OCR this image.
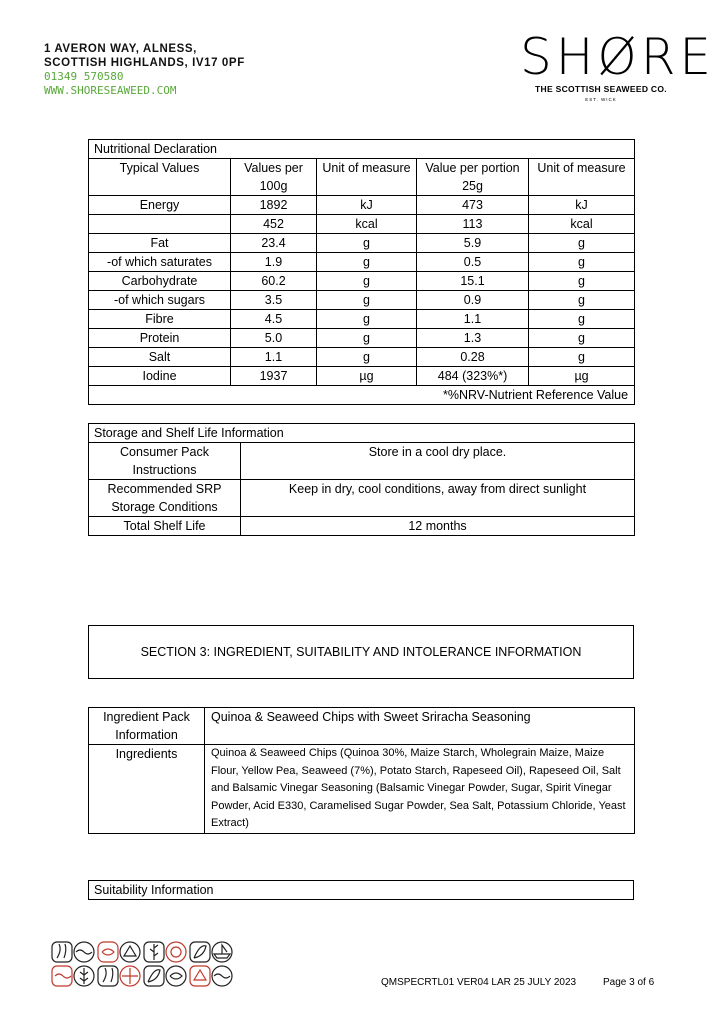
1 AVERON WAY, ALNESS,
SCOTTISH HIGHLANDS, IV17 0PF
01349 570580
WWW.SHORESEAWEED.COM
SHØRE
THE SCOTTISH SEAWEED CO.
EST. WICK
Nutritional Declaration				
Typical Values	Values per 100g	Unit of measure	Value per portion 25g	Unit of measure
Energy	1892	kJ	473	kJ
	452	kcal	113	kcal
Fat	23.4	g	5.9	g
-of which saturates	1.9	g	0.5	g
Carbohydrate	60.2	g	15.1	g
-of which sugars	3.5	g	0.9	g
Fibre	4.5	g	1.1	g
Protein	5.0	g	1.3	g
Salt	1.1	g	0.28	g
Iodine	1937	µg	484 (323%*)	µg
*%NRV-Nutrient Reference Value				
Storage and Shelf Life Information	
Consumer Pack Instructions	Store in a cool dry place.
Recommended SRP Storage Conditions	Keep in dry, cool conditions, away from direct sunlight
Total Shelf Life	12 months
SECTION 3: INGREDIENT, SUITABILITY AND INTOLERANCE INFORMATION
Ingredient Pack Information	Quinoa & Seaweed Chips with Sweet Sriracha Seasoning
Ingredients	Quinoa & Seaweed Chips (Quinoa 30%, Maize Starch, Wholegrain Maize, Maize Flour, Yellow Pea, Seaweed (7%), Potato Starch, Rapeseed Oil), Rapeseed Oil, Salt and Balsamic Vinegar Seasoning (Balsamic Vinegar Powder, Sugar, Spirit Vinegar Powder, Acid E330, Caramelised Sugar Powder, Sea Salt, Potassium Chloride, Yeast Extract)
Suitability Information
QMSPECRTL01 VER04 LAR 25 JULY 2023	Page 3 of 6
